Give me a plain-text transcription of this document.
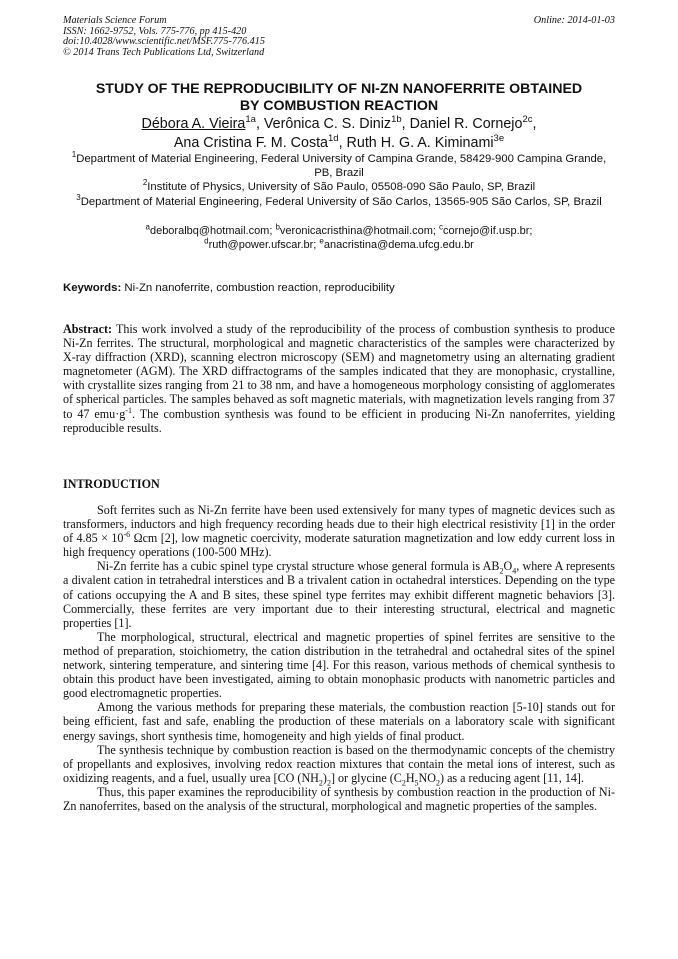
Materials Science Forum
ISSN: 1662-9752, Vols. 775-776, pp 415-420
doi:10.4028/www.scientific.net/MSF.775-776.415
© 2014 Trans Tech Publications Ltd, Switzerland
Online: 2014-01-03
STUDY OF THE REPRODUCIBILITY OF NI-ZN NANOFERRITE OBTAINED
BY COMBUSTION REACTION
Débora A. Vieira$^{1a}$, Verônica C. S. Diniz$^{1b}$, Daniel R. Cornejo$^{2c}$,
Ana Cristina F. M. Costa$^{1d}$, Ruth H. G. A. Kiminami$^{3e}$
$^1$Department of Material Engineering, Federal University of Campina Grande, 58429-900 Campina Grande, PB, Brazil
$^2$Institute of Physics, University of São Paulo, 05508-090 São Paulo, SP, Brazil
$^3$Department of Material Engineering, Federal University of São Carlos, 13565-905 São Carlos, SP, Brazil
$^a$deboralbq@hotmail.com; $^b$veronicacristhina@hotmail.com; $^c$cornejo@if.usp.br;
$^d$ruth@power.ufscar.br; $^e$anacristina@dema.ufcg.edu.br
Keywords: Ni-Zn nanoferrite, combustion reaction, reproducibility

Abstract: This work involved a study of the reproducibility of the process of combustion synthesis to produce Ni-Zn ferrites. The structural, morphological and magnetic characteristics of the samples were characterized by X-ray diffraction (XRD), scanning electron microscopy (SEM) and magnetometry using an alternating gradient magnetometer (AGM). The XRD diffractograms of the samples indicated that they are monophasic, crystalline, with crystallite sizes ranging from 21 to 38 nm, and have a homogeneous morphology consisting of agglomerates of spherical particles. The samples behaved as soft magnetic materials, with magnetization levels ranging from 37 to 47 $emu\cdot g^{-1}$. The combustion synthesis was found to be efficient in producing Ni-Zn nanoferrites, yielding reproducible results.

INTRODUCTION

Soft ferrites such as Ni-Zn ferrite have been used extensively for many types of magnetic devices such as transformers, inductors and high frequency recording heads due to their high electrical resistivity [1] in the order of $4.85 \times 10^{-6}$ Ωcm [2], low magnetic coercivity, moderate saturation magnetization and low eddy current loss in high frequency operations (100-500 MHz).

Ni-Zn ferrite has a cubic spinel type crystal structure whose general formula is $AB_2O_4$, where A represents a divalent cation in tetrahedral interstices and B a trivalent cation in octahedral interstices. Depending on the type of cations occupying the A and B sites, these spinel type ferrites may exhibit different magnetic behaviors [3]. Commercially, these ferrites are very important due to their interesting structural, electrical and magnetic properties [1].

The morphological, structural, electrical and magnetic properties of spinel ferrites are sensitive to the method of preparation, stoichiometry, the cation distribution in the tetrahedral and octahedral sites of the spinel network, sintering temperature, and sintering time [4]. For this reason, various methods of chemical synthesis to obtain this product have been investigated, aiming to obtain monophasic products with nanometric particles and good electromagnetic properties.

Among the various methods for preparing these materials, the combustion reaction [5-10] stands out for being efficient, fast and safe, enabling the production of these materials on a laboratory scale with significant energy savings, short synthesis time, homogeneity and high yields of final product.

The synthesis technique by combustion reaction is based on the thermodynamic concepts of the chemistry of propellants and explosives, involving redox reaction mixtures that contain the metal ions of interest, such as oxidizing reagents, and a fuel, usually urea [CO $(NH_2)_2$] or glycine $(C_2H_5NO_2)$ as a reducing agent [11, 14].

Thus, this paper examines the reproducibility of synthesis by combustion reaction in the production of Ni-Zn nanoferrites, based on the analysis of the structural, morphological and magnetic properties of the samples.
